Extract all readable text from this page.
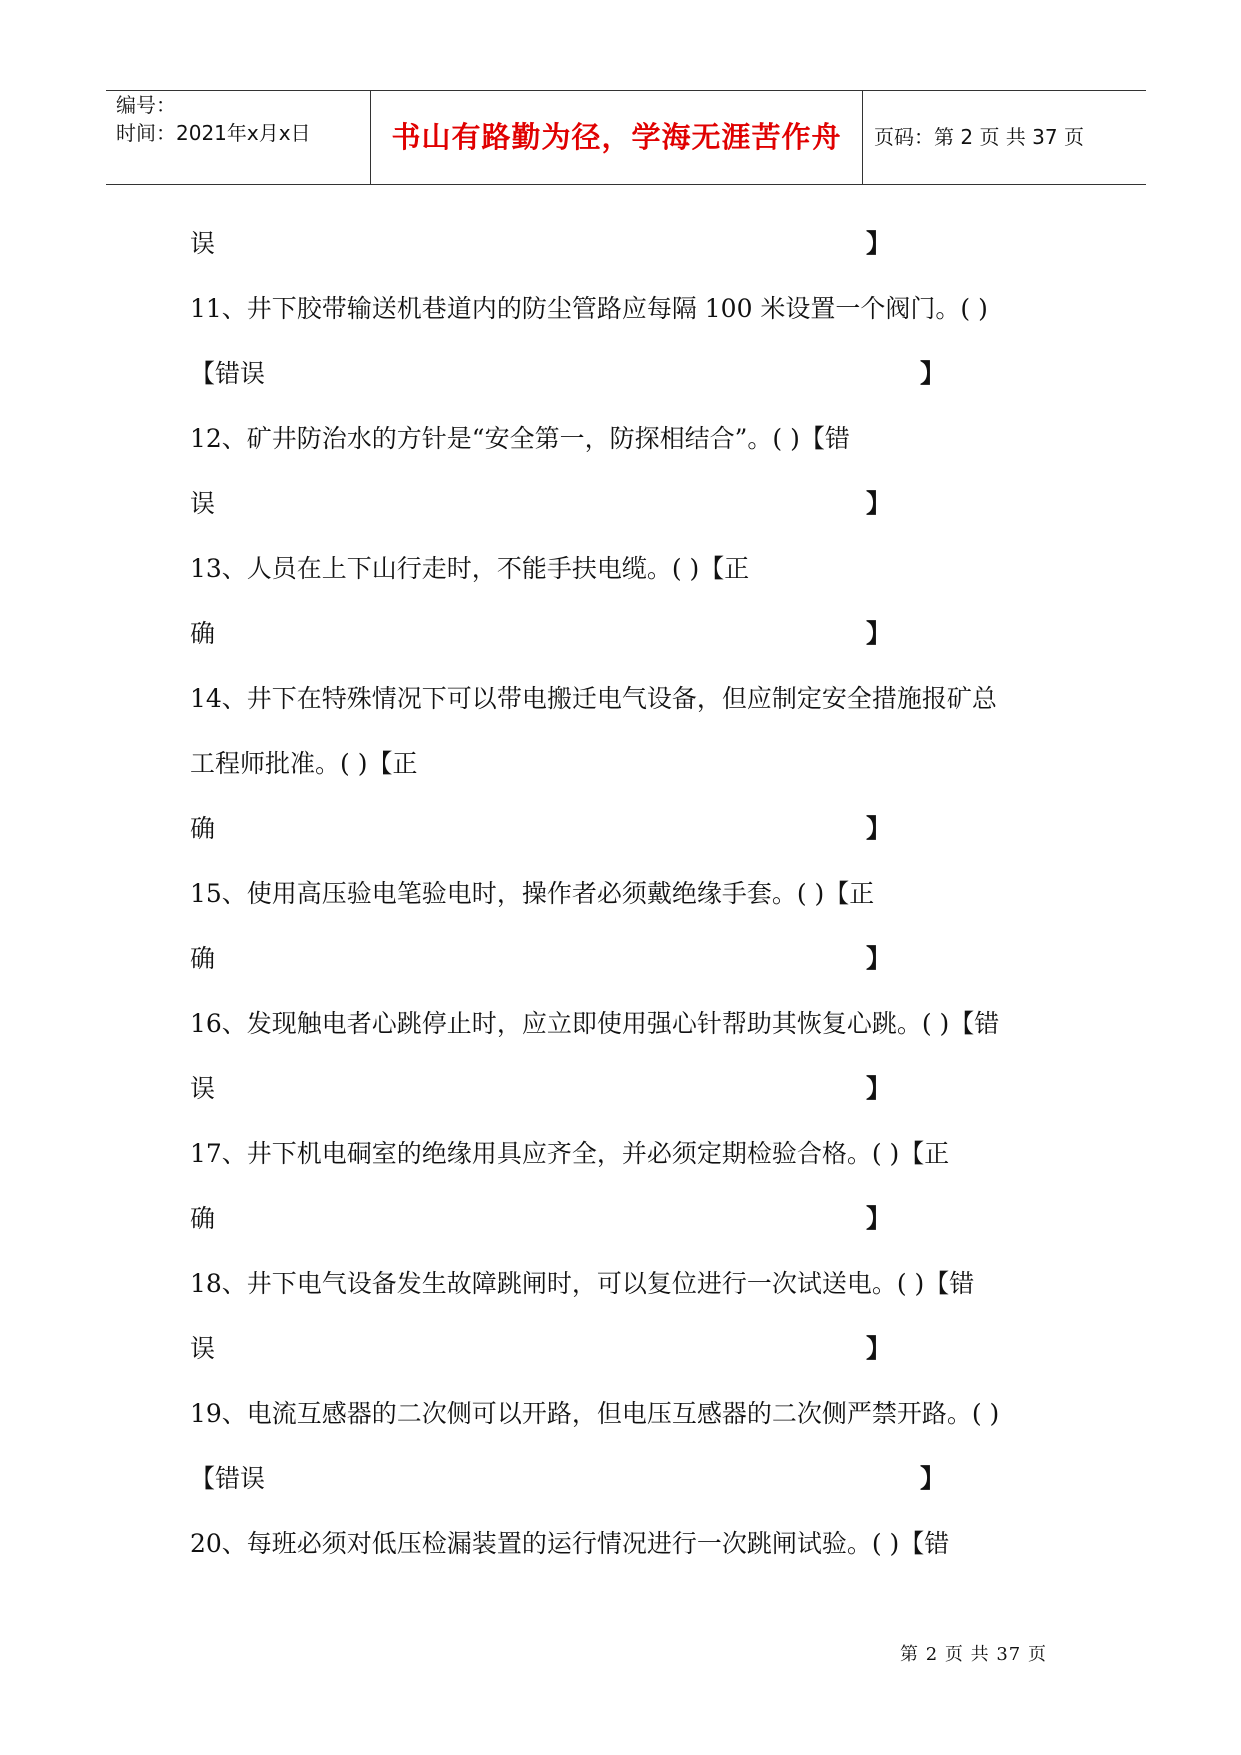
编号：
时间：2021年x月x日	书山有路勤为径，学海无涯苦作舟	页码：第 2 页 共 37 页
误	】
11、井下胶带输送机巷道内的防尘管路应每隔 100 米设置一个阀门。( )
【错误	】
12、矿井防治水的方针是“安全第一，防探相结合”。( )【错
误	】
13、人员在上下山行走时，不能手扶电缆。( )【正
确	】
14、井下在特殊情况下可以带电搬迁电气设备，但应制定安全措施报矿总
工程师批准。( )【正
确	】
15、使用高压验电笔验电时，操作者必须戴绝缘手套。( )【正
确	】
16、发现触电者心跳停止时，应立即使用强心针帮助其恢复心跳。( )【错
误	】
17、井下机电硐室的绝缘用具应齐全，并必须定期检验合格。( )【正
确	】
18、井下电气设备发生故障跳闸时，可以复位进行一次试送电。( )【错
误	】
19、电流互感器的二次侧可以开路，但电压互感器的二次侧严禁开路。( )
【错误	】
20、每班必须对低压检漏装置的运行情况进行一次跳闸试验。( )【错
第 2 页 共 37 页
